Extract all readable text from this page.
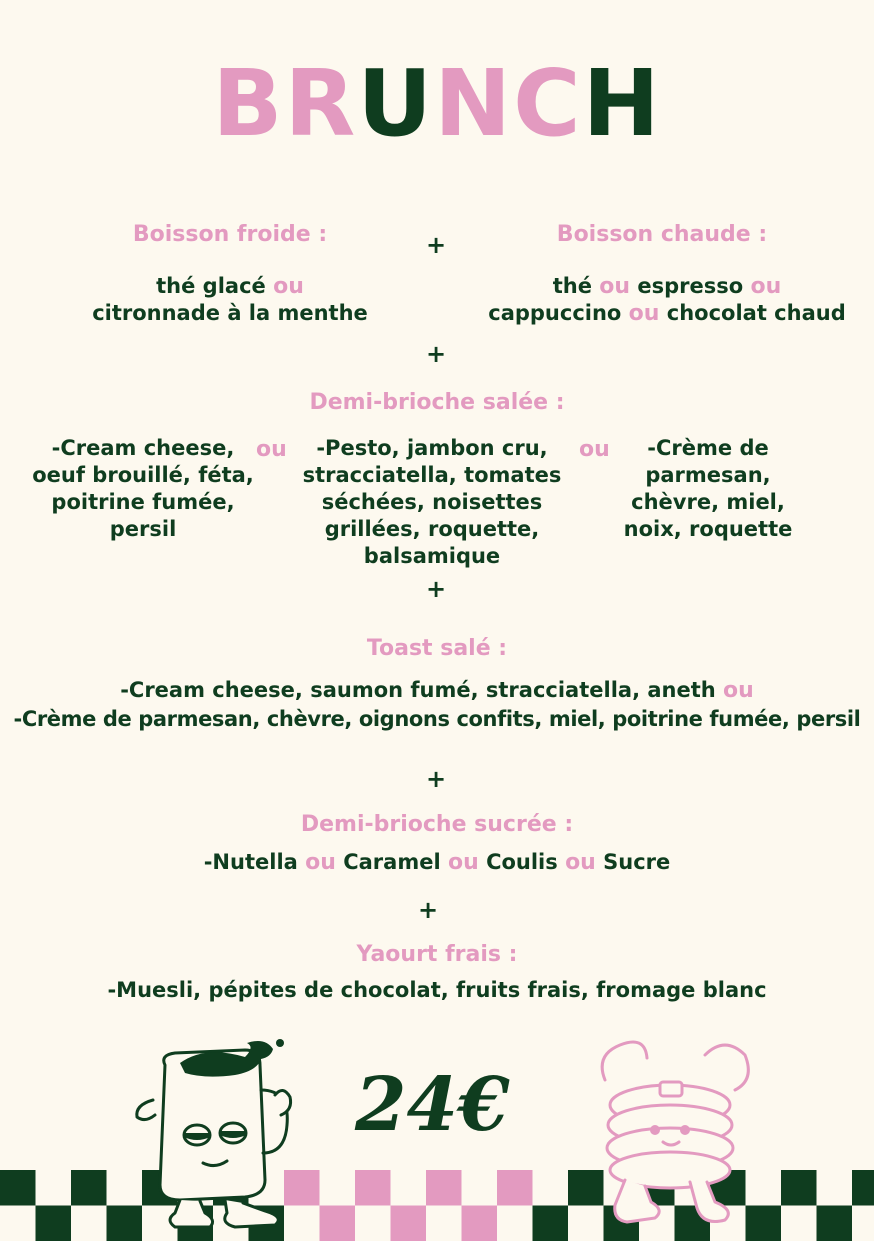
BRUNCH
Boisson froide :	+	Boisson chaude :
thé glacé ou
citronnade à la menthe
thé ou espresso ou
cappuccino ou chocolat chaud
+
Demi-brioche salée :
-Cream cheese,
oeuf brouillé, féta,
poitrine fumée,
persil
ou	-Pesto, jambon cru,
stracciatella, tomates
séchées, noisettes
grillées, roquette,
balsamique
ou	-Crème de
parmesan,
chèvre, miel,
noix, roquette
+
Toast salé :
-Cream cheese, saumon fumé, stracciatella, aneth ou
-Crème de parmesan, chèvre, oignons confits, miel, poitrine fumée, persil
+
Demi-brioche sucrée :
-Nutella ou Caramel ou Coulis ou Sucre
+
Yaourt frais :
-Muesli, pépites de chocolat, fruits frais, fromage blanc
24€
